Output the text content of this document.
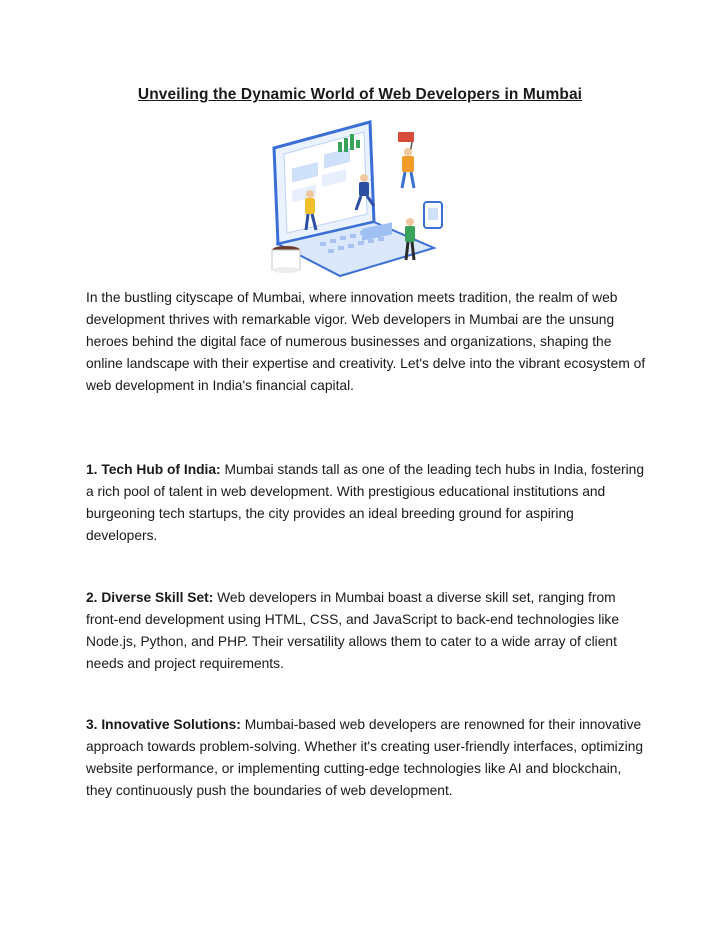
Unveiling the Dynamic World of Web Developers in Mumbai

In the bustling cityscape of Mumbai, where innovation meets tradition, the realm of web development thrives with remarkable vigor. Web developers in Mumbai are the unsung heroes behind the digital face of numerous businesses and organizations, shaping the online landscape with their expertise and creativity. Let's delve into the vibrant ecosystem of web development in India's financial capital.

1. Tech Hub of India: Mumbai stands tall as one of the leading tech hubs in India, fostering a rich pool of talent in web development. With prestigious educational institutions and burgeoning tech startups, the city provides an ideal breeding ground for aspiring developers.

2. Diverse Skill Set: Web developers in Mumbai boast a diverse skill set, ranging from front-end development using HTML, CSS, and JavaScript to back-end technologies like Node.js, Python, and PHP. Their versatility allows them to cater to a wide array of client needs and project requirements.

3. Innovative Solutions: Mumbai-based web developers are renowned for their innovative approach towards problem-solving. Whether it's creating user-friendly interfaces, optimizing website performance, or implementing cutting-edge technologies like AI and blockchain, they continuously push the boundaries of web development.
